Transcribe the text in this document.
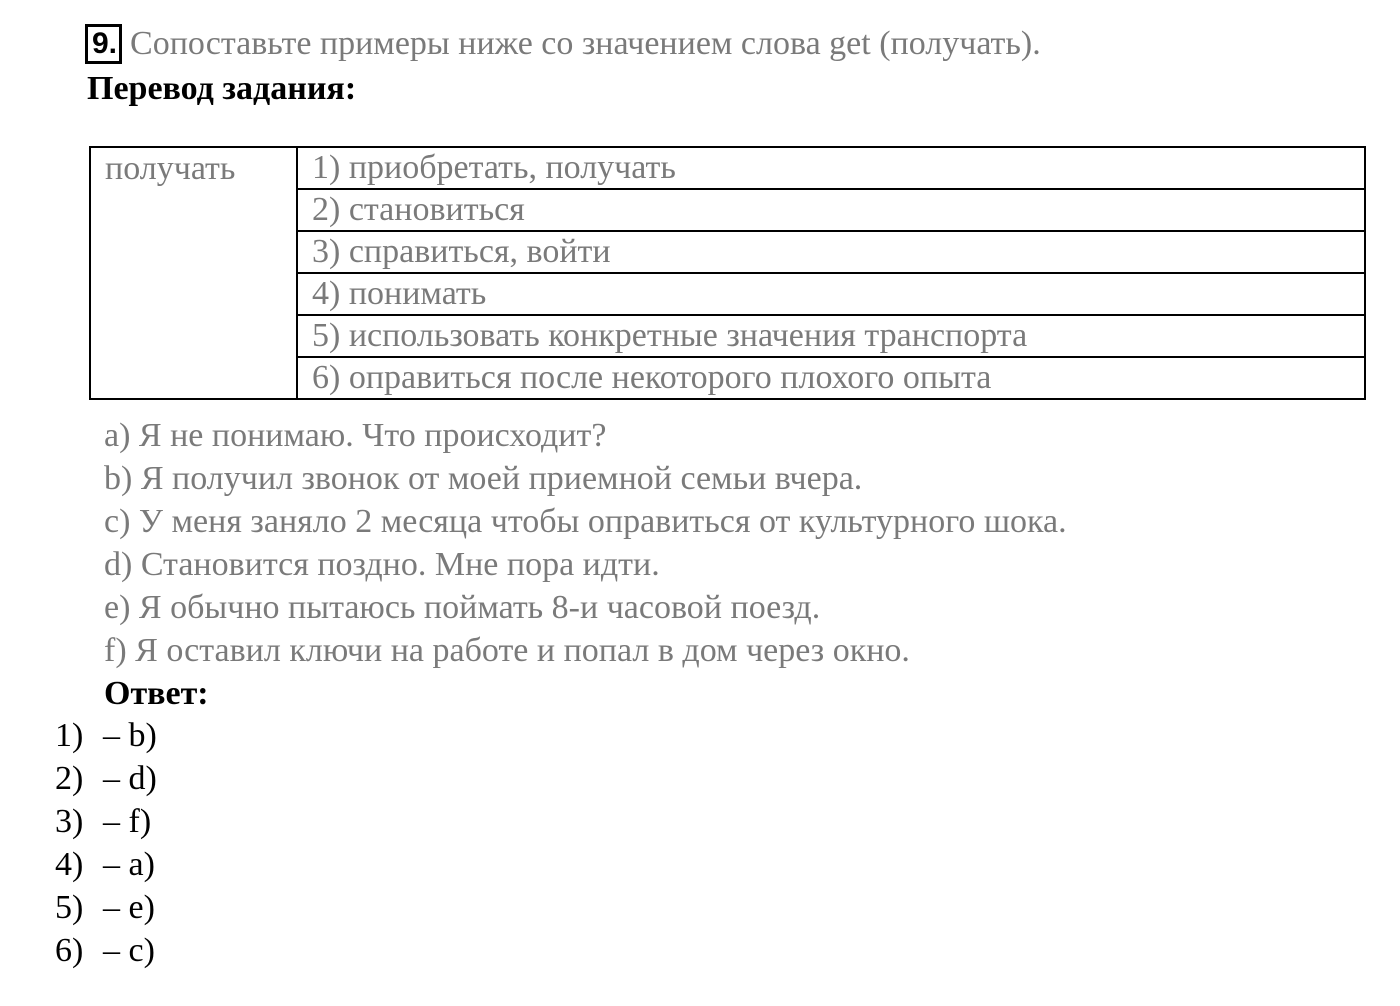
9. Сопоставьте примеры ниже со значением слова get (получать).
Перевод задания:
получать	1) приобретать, получать
2) становиться
3) справиться, войти
4) понимать
5) использовать конкретные значения транспорта
6) оправиться после некоторого плохого опыта
a) Я не понимаю. Что происходит?
b) Я получил звонок от моей приемной семьи вчера.
c) У меня заняло 2 месяца чтобы оправиться от культурного шока.
d) Становится поздно. Мне пора идти.
e) Я обычно пытаюсь поймать 8-и часовой поезд.
f) Я оставил ключи на работе и попал в дом через окно.
Ответ:
1) – b)
2) – d)
3) – f)
4) – a)
5) – e)
6) – c)
